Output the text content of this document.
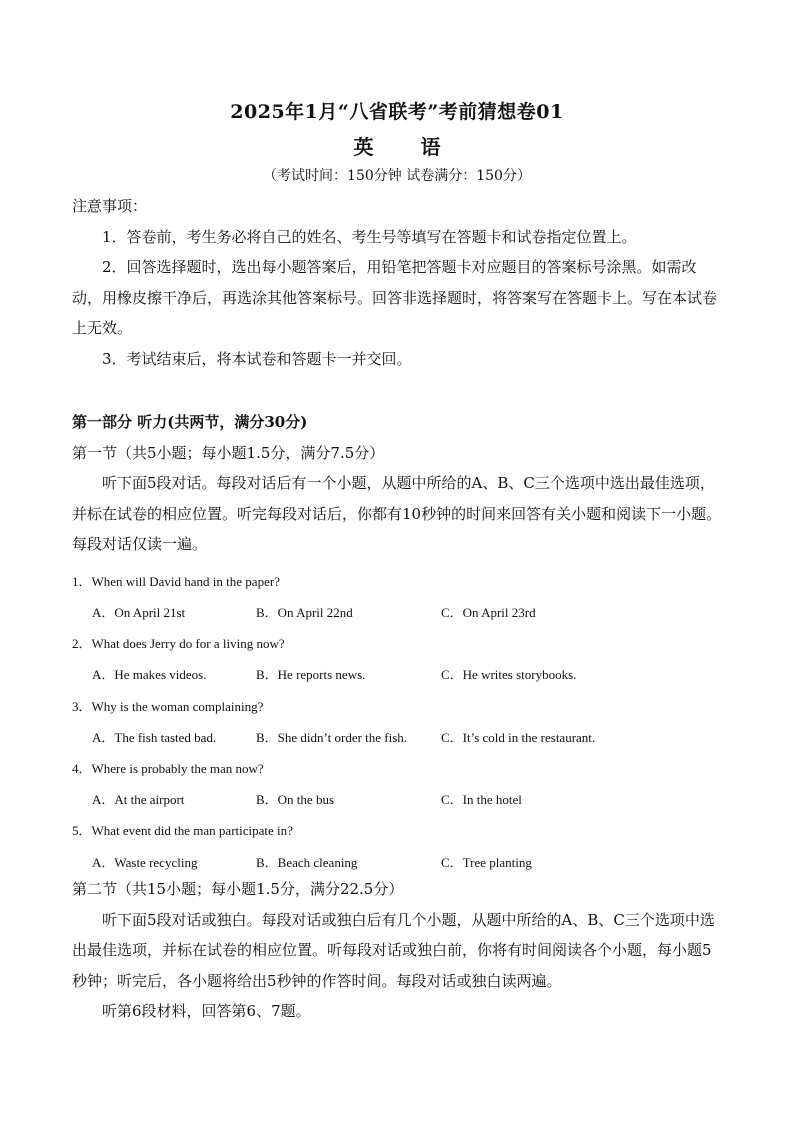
2025年1月“八省联考”考前猜想卷01
英 语
（考试时间：150分钟 试卷满分：150分）
注意事项：
1．答卷前，考生务必将自己的姓名、考生号等填写在答题卡和试卷指定位置上。
2．回答选择题时，选出每小题答案后，用铅笔把答题卡对应题目的答案标号涂黑。如需改动，用橡皮擦干净后，再选涂其他答案标号。回答非选择题时，将答案写在答题卡上。写在本试卷上无效。
3．考试结束后，将本试卷和答题卡一并交回。
第一部分 听力(共两节，满分30分)
第一节（共5小题；每小题1.5分，满分7.5分）
听下面5段对话。每段对话后有一个小题，从题中所给的A、B、C三个选项中选出最佳选项，并标在试卷的相应位置。听完每段对话后，你都有10秒钟的时间来回答有关小题和阅读下一小题。每段对话仅读一遍。
1．When will David hand in the paper?
A．On April 21st	B．On April 22nd	C．On April 23rd
2．What does Jerry do for a living now?
A．He makes videos.	B．He reports news.	C．He writes storybooks.
3．Why is the woman complaining?
A．The fish tasted bad.	B．She didn’t order the fish.	C．It’s cold in the restaurant.
4．Where is probably the man now?
A．At the airport	B．On the bus	C．In the hotel
5．What event did the man participate in?
A．Waste recycling	B．Beach cleaning	C．Tree planting
第二节（共15小题；每小题1.5分，满分22.5分）
听下面5段对话或独白。每段对话或独白后有几个小题，从题中所给的A、B、C三个选项中选出最佳选项，并标在试卷的相应位置。听每段对话或独白前，你将有时间阅读各个小题，每小题5秒钟；听完后，各小题将给出5秒钟的作答时间。每段对话或独白读两遍。
听第6段材料，回答第6、7题。
